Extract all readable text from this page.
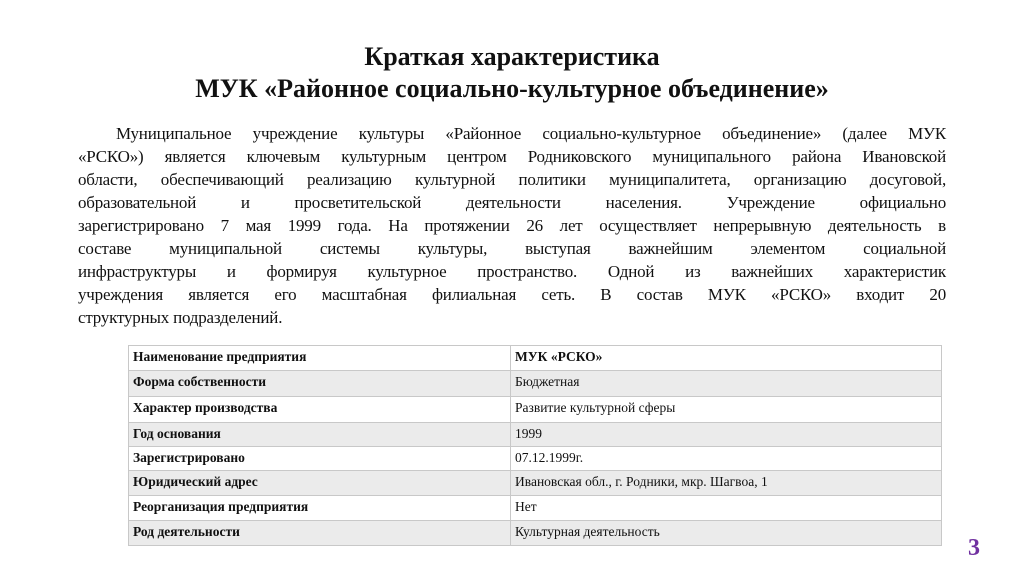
Краткая характеристика
МУК «Районное социально-культурное объединение»
Муниципальное учреждение культуры «Районное социально-культурное объединение» (далее МУК
«РСКО») является ключевым культурным центром Родниковского муниципального района Ивановской
области, обеспечивающий реализацию культурной политики муниципалитета, организацию досуговой,
образовательной и просветительской деятельности населения. Учреждение официально
зарегистрировано 7 мая 1999 года. На протяжении 26 лет осуществляет непрерывную деятельность в
составе муниципальной системы культуры, выступая важнейшим элементом социальной
инфраструктуры и формируя культурное пространство. Одной из важнейших характеристик
учреждения является его масштабная филиальная сеть. В состав МУК «РСКО» входит 20
структурных подразделений.
Наименование предприятия	МУК «РСКО»
Форма собственности	Бюджетная
Характер производства	Развитие культурной сферы
Год основания	1999
Зарегистрировано	07.12.1999г.
Юридический адрес	Ивановская обл., г. Родники, мкр. Шагвоа, 1
Реорганизация предприятия	Нет
Род деятельности	Культурная деятельность
3
